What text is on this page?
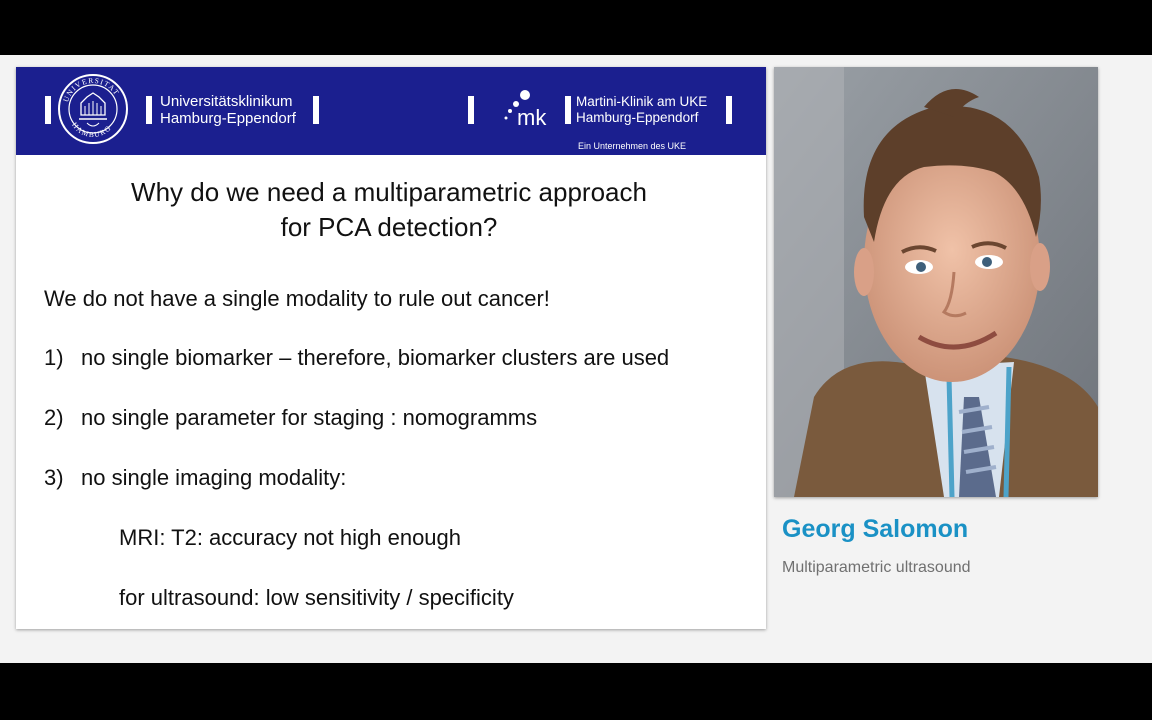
UNIVERSITAT
HAMBURG
Universitätsklinikum
Hamburg-Eppendorf	mk
Martini-Klinik am UKE
Hamburg-Eppendorf
Ein Unternehmen des UKE
Why do we need a multiparametric approach
for PCA detection?
We do not have a single modality to rule out cancer!
1) no single biomarker – therefore, biomarker clusters are used
2) no single parameter for staging : nomogramms
3) no single imaging modality:
MRI: T2: accuracy not high enough
for ultrasound: low sensitivity / specificity
Georg Salomon
Multiparametric ultrasound
